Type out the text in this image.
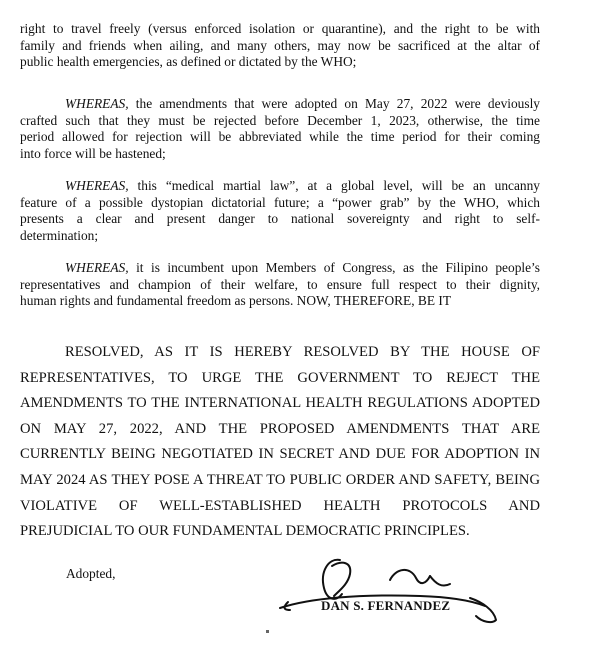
right to travel freely (versus enforced isolation or quarantine), and the right to be with
family and friends when ailing, and many others, may now be sacrificed at the altar of
public health emergencies, as defined or dictated by the WHO;

WHEREAS, the amendments that were adopted on May 27, 2022 were deviously
crafted such that they must be rejected before December 1, 2023, otherwise, the time
period allowed for rejection will be abbreviated while the time period for their coming
into force will be hastened;

WHEREAS, this “medical martial law”, at a global level, will be an uncanny
feature of a possible dystopian dictatorial future; a “power grab” by the WHO, which
presents a clear and present danger to national sovereignty and right to self-
determination;

WHEREAS, it is incumbent upon Members of Congress, as the Filipino people’s
representatives and champion of their welfare, to ensure full respect to their dignity,
human rights and fundamental freedom as persons. NOW, THEREFORE, BE IT

RESOLVED, AS IT IS HEREBY RESOLVED BY THE HOUSE OF
REPRESENTATIVES, TO URGE THE GOVERNMENT TO REJECT THE
AMENDMENTS TO THE INTERNATIONAL HEALTH REGULATIONS ADOPTED
ON MAY 27, 2022, AND THE PROPOSED AMENDMENTS THAT ARE
CURRENTLY BEING NEGOTIATED IN SECRET AND DUE FOR ADOPTION IN
MAY 2024 AS THEY POSE A THREAT TO PUBLIC ORDER AND SAFETY, BEING
VIOLATIVE OF WELL-ESTABLISHED HEALTH PROTOCOLS AND
PREJUDICIAL TO OUR FUNDAMENTAL DEMOCRATIC PRINCIPLES.

Adopted,
DAN S. FERNANDEZ
